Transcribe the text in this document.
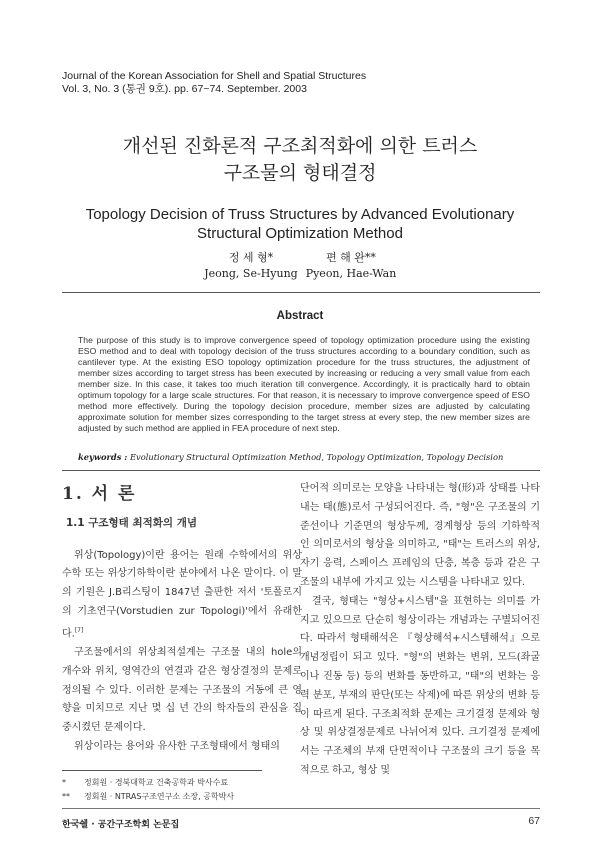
Journal of the Korean Association for Shell and Spatial Structures
Vol. 3, No. 3 (통권 9호). pp. 67~74. September. 2003
개선된 진화론적 구조최적화에 의한 트러스
구조물의 형태결정
Topology Decision of Truss Structures by Advanced Evolutionary
Structural Optimization Method
정 세 형*
Jeong, Se-Hyung
편 해 완**
Pyeon, Hae-Wan
Abstract

The purpose of this study is to improve convergence speed of topology optimization procedure using the existing ESO method and to deal with topology decision of the truss structures according to a boundary condition, such as cantilever type. At the existing ESO topology optimization procedure for the truss structures, the adjustment of member sizes according to target stress has been executed by increasing or reducing a very small value from each member size. In this case, it takes too much iteration till convergence. Accordingly, it is practically hard to obtain optimum topology for a large scale structures. For that reason, it is necessary to improve convergence speed of ESO method more effectively. During the topology decision procedure, member sizes are adjusted by calculating approximate solution for member sizes corresponding to the target stress at every step, the new member sizes are adjusted by such method are applied in FEA procedure of next step.

keywords : Evolutionary Structural Optimization Method, Topology Optimization, Topology Decision
1. 서 론
1.1 구조형태 최적화의 개념

위상(Topology)이란 용어는 원래 수학에서의 위상수학 또는 위상기하학이란 분야에서 나온 말이다. 이 말의 기원은 J.B리스팅이 1847년 출판한 저서 '토폴로지의 기초연구(Vorstudien zur Topologi)'에서 유래한다.[7]

구조물에서의 위상최적설계는 구조물 내의 hole의 개수와 위치, 영역간의 연결과 같은 형상결정의 문제로 정의될 수 있다. 이러한 문제는 구조물의 거동에 큰 영향을 미치므로 지난 몇 십 년 간의 학자들의 관심을 집중시켰던 문제이다.

위상이라는 용어와 유사한 구조형태에서 형태의

단어적 의미로는 모양을 나타내는 형(形)과 상태를 나타내는 태(態)로서 구성되어진다. 즉, "형"은 구조물의 기준선이나 기준면의 형상두께, 경계형상 등의 기하학적인 의미로서의 형상을 의미하고, "태"는 트러스의 위상, 자기 응력, 스페이스 프레임의 단층, 복층 등과 같은 구조물의 내부에 가지고 있는 시스템을 나타내고 있다.

결국, 형태는 "형상+시스템"을 표현하는 의미를 가지고 있으므로 단순히 형상이라는 개념과는 구별되어진다. 따라서 형태해석은 『형상해석+시스템해석』으로 개념정립이 되고 있다. "형"의 변화는 변위, 모드(좌굴이나 진동 등) 등의 변화를 동반하고, "태"의 변화는 응력 분포, 부재의 판단(또는 삭제)에 따른 위상의 변화 등이 따르게 된다. 구조최적화 문제는 크기결정 문제와 형상 및 위상결정문제로 나뉘어져 있다. 크기결정 문제에서는 구조체의 부재 단면적이나 구조물의 크기 등을 목적으로 하고, 형상 및

* 정회원 · 경북대학교 건축공학과 박사수료
** 정회원 · NTRAS구조연구소 소장, 공학박사
한국쉘 · 공간구조학회 논문집	67
